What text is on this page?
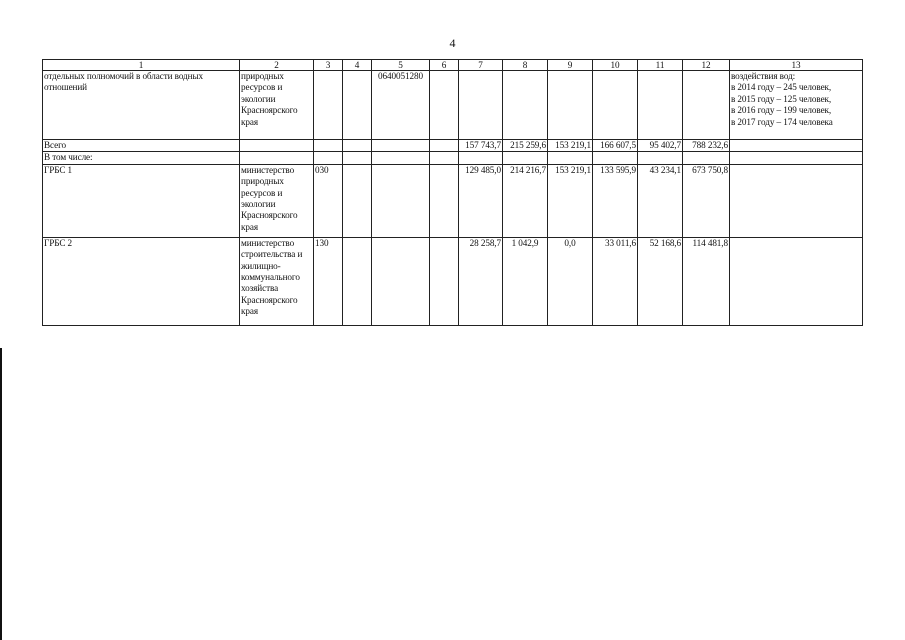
4
1	2	3	4	5	6	7	8	9	10	11	12	13
отдельных полномочий в области водных отношений	природных ресурсов и экологии Красноярского края			0640051280								воздействия вод:
в 2014 году – 245 человек,
в 2015 году – 125 человек,
в 2016 году – 199 человек,
в 2017 году – 174 человека

Всего						157 743,7	215 259,6	153 219,1	166 607,5	95 402,7	788 232,6	
В том числе:												
ГРБС 1	министерство природных ресурсов и экологии Красноярского края	030				129 485,0	214 216,7	153 219,1	133 595,9	43 234,1	673 750,8	
ГРБС 2	министерство строительства и жилищно-коммунального хозяйства Красноярского края	130				28 258,7	1 042,9	0,0	33 011,6	52 168,6	114 481,8	
